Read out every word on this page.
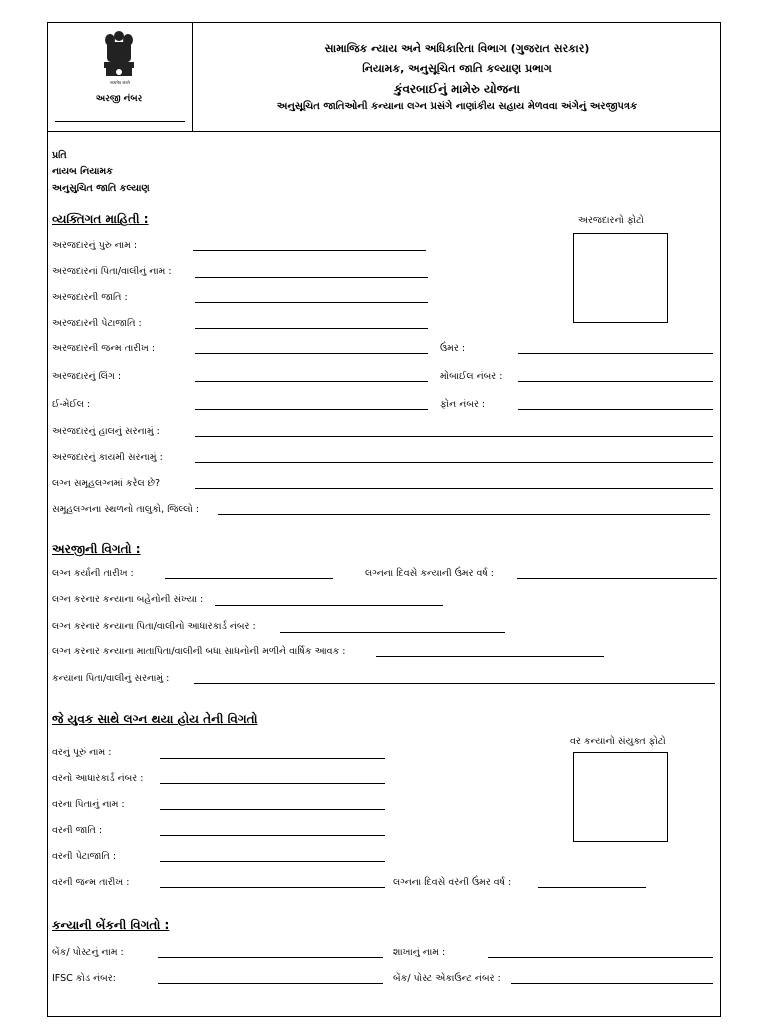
सत्यमेव जयते
અરજી નંબર
સામાજિક ન્યાય અને અધિકારિતા વિભાગ (ગુજરાત સરકાર)
નિયામક, અનુસૂચિત જાતિ કલ્યાણ પ્રભાગ
કુંવરબાઈનું મામેરુ યોજના
અનુસૂચિત જાતિઓની કન્યાના લગ્ન પ્રસંગે નાણાંકીય સહાય મેળવવા અંગેનું અરજીપત્રક
પ્રતિ
નાયબ નિયામક
અનુસુચિત જાતિ કલ્યાણ
વ્યક્તિગત માહિતી :	અરજદારનો ફોટો
અરજદારનું પુરુ નામ :
અરજદારનાં પિતા/વાલીનું નામ :
અરજદારની જાતિ :
અરજદારની પેટાજાતિ :
અરજદારની જન્મ તારીખ :	ઉંમર :
અરજદારનું લિંગ :	મોબાઈલ નંબર :
ઈ-મેઈલ :	ફોન નંબર :
અરજદારનું હાલનું સરનામું :
અરજદારનું કાયમી સરનામું :
લગ્ન સમૂહલગ્નમાં કરેલ છે?
સમૂહલગ્નના સ્થળનો તાલુકો, જિલ્લો :
અરજીની વિગતો :
લગ્ન કર્યાની તારીખ :	લગ્નના દિવસે કન્યાની ઉંમર વર્ષ :
લગ્ન કરનાર કન્યાના બહેનોની સંખ્યા :
લગ્ન કરનાર કન્યાના પિતા/વાલીનો આધારકાર્ડ નંબર :
લગ્ન કરનાર કન્યાના માતાપિતા/વાલીની બધા સાધનોની મળીને વાર્ષિક આવક :
કન્યાના પિતા/વાલીનું સરનામું :
જે યુવક સાથે લગ્ન થયા હોય તેની વિગતો
વર કન્યાનો સંયુક્ત ફોટો
વરનું પૂરું નામ :
વરનો આધારકાર્ડ નંબર :
વરના પિતાનું નામ :
વરની જાતિ :
વરની પેટાજાતિ :
વરની જન્મ તારીખ :	લગ્નના દિવસે વરની ઉંમર વર્ષ :
કન્યાની બેંકની વિગતો :
બેંક/ પોસ્ટનું નામ :	શાખાનું નામ :
IFSC કોડ નંબર:	બેંક/ પોસ્ટ એકાઉન્ટ નંબર :
